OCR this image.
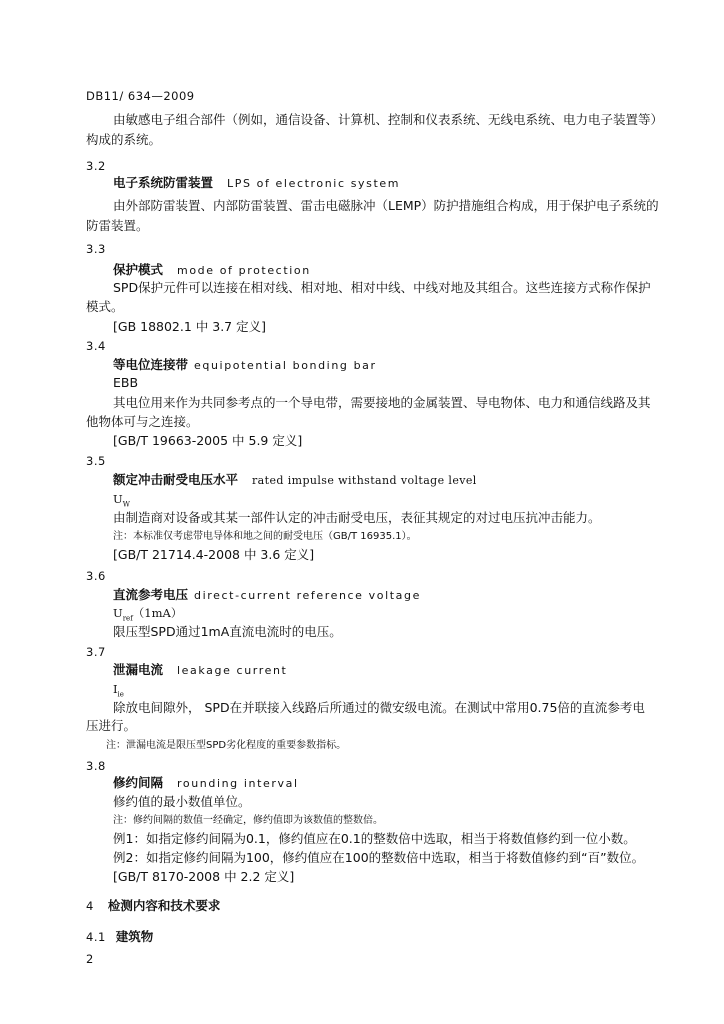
DB11/ 634—2009
由敏感电子组合部件（例如，通信设备、计算机、控制和仪表系统、无线电系统、电力电子装置等）
构成的系统。
3.2
电子系统防雷装置 LPS of electronic system
由外部防雷装置、内部防雷装置、雷击电磁脉冲（LEMP）防护措施组合构成，用于保护电子系统的
防雷装置。
3.3
保护模式 mode of protection
SPD保护元件可以连接在相对线、相对地、相对中线、中线对地及其组合。这些连接方式称作保护
模式。
[GB 18802.1 中 3.7 定义]
3.4
等电位连接带 equipotential bonding bar
EBB
其电位用来作为共同参考点的一个导电带，需要接地的金属装置、导电物体、电力和通信线路及其
他物体可与之连接。
[GB/T 19663-2005 中 5.9 定义]
3.5
额定冲击耐受电压水平 rated impulse withstand voltage level
$U_W$
由制造商对设备或其某一部件认定的冲击耐受电压，表征其规定的对过电压抗冲击能力。
注：本标准仅考虑带电导体和地之间的耐受电压（GB/T 16935.1）。
[GB/T 21714.4-2008 中 3.6 定义]
3.6
直流参考电压 direct-current reference voltage
$U_{ref}(1mA)$
限压型SPD通过1mA直流电流时的电压。
3.7
泄漏电流 leakage current
$I_{ie}$
除放电间隙外， SPD在并联接入线路后所通过的微安级电流。在测试中常用0.75倍的直流参考电
压进行。
注：泄漏电流是限压型SPD劣化程度的重要参数指标。
3.8
修约间隔 rounding interval
修约值的最小数值单位。
注：修约间隔的数值一经确定，修约值即为该数值的整数倍。
例1：如指定修约间隔为0.1，修约值应在0.1的整数倍中选取，相当于将数值修约到一位小数。
例2：如指定修约间隔为100，修约值应在100的整数倍中选取，相当于将数值修约到“百”数位。
[GB/T 8170-2008 中 2.2 定义]
4 检测内容和技术要求
4.1 建筑物
2
